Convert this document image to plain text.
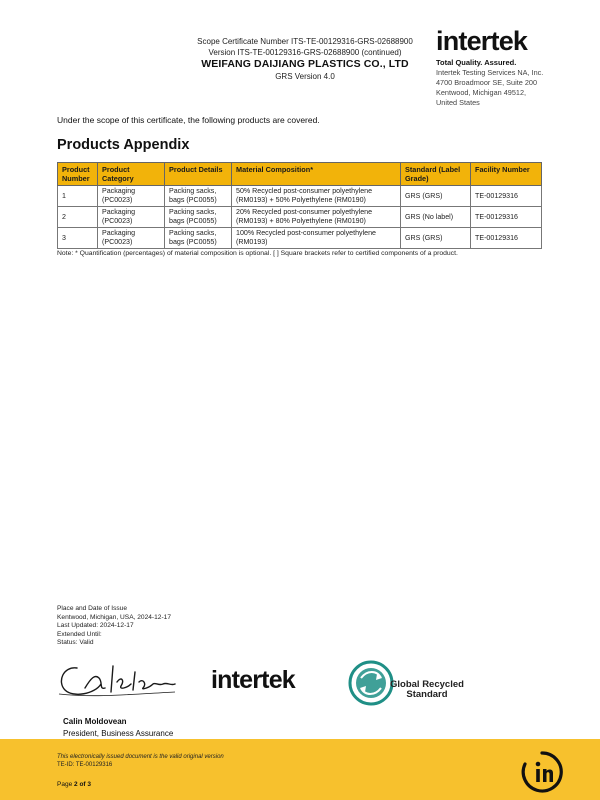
Scope Certificate Number ITS-TE-00129316-GRS-02688900
Version ITS-TE-00129316-GRS-02688900 (continued)
WEIFANG DAIJIANG PLASTICS CO., LTD
GRS Version 4.0
intertek
Total Quality. Assured.
Intertek Testing Services NA, Inc.
4700 Broadmoor SE, Suite 200
Kentwood, Michigan 49512,
United States
Under the scope of this certificate, the following products are covered.
Products Appendix
Product Number	Product Category	Product Details	Material Composition*	Standard (Label Grade)	Facility Number
1	Packaging (PC0023)	Packing sacks, bags (PC0055)	50% Recycled post-consumer polyethylene (RM0193) + 50% Polyethylene (RM0190)	GRS (GRS)	TE-00129316
2	Packaging (PC0023)	Packing sacks, bags (PC0055)	20% Recycled post-consumer polyethylene (RM0193) + 80% Polyethylene (RM0190)	GRS (No label)	TE-00129316
3	Packaging (PC0023)	Packing sacks, bags (PC0055)	100% Recycled post-consumer polyethylene (RM0193)	GRS (GRS)	TE-00129316
Note: * Quantification (percentages) of material composition is optional. [ ] Square brackets refer to certified components of a product.
Place and Date of Issue
Kentwood, Michigan, USA, 2024-12-17
Last Updated: 2024-12-17
Extended Until:
Status: Valid
intertek	Global Recycled
Standard
Calin Moldovean
President, Business Assurance
This electronically issued document is the valid original version
TE-ID: TE-00129316
Page 2 of 3
